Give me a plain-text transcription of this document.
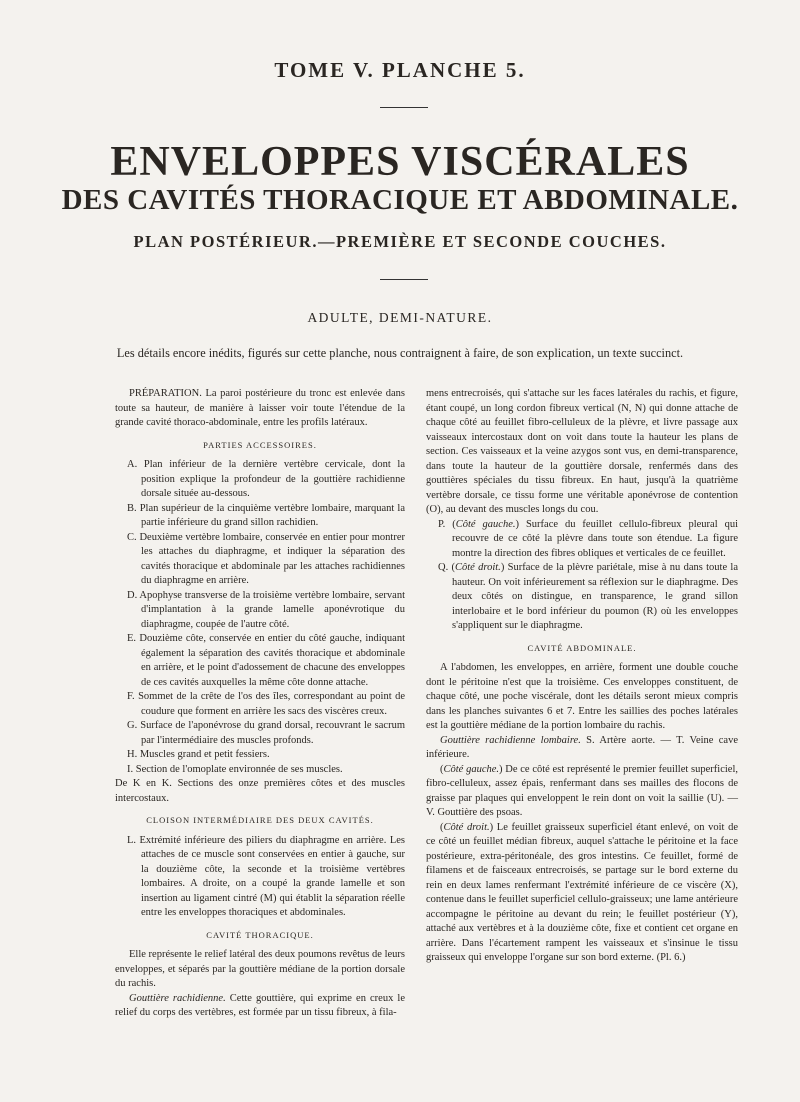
TOME V. PLANCHE 5.
ENVELOPPES VISCÉRALES
DES CAVITÉS THORACIQUE ET ABDOMINALE.
PLAN POSTÉRIEUR.—PREMIÈRE ET SECONDE COUCHES.
ADULTE, DEMI-NATURE.
Les détails encore inédits, figurés sur cette planche, nous contraignent à faire, de son explication, un texte succinct.

PRÉPARATION. La paroi postérieure du tronc est enlevée dans toute sa hauteur, de manière à laisser voir toute l'étendue de la grande cavité thoraco-abdominale, entre les profils latéraux.

PARTIES ACCESSOIRES.

A. Plan inférieur de la dernière vertèbre cervicale, dont la position explique la profondeur de la gouttière rachidienne dorsale située au-dessous.

B. Plan supérieur de la cinquième vertèbre lombaire, marquant la partie inférieure du grand sillon rachidien.

C. Deuxième vertèbre lombaire, conservée en entier pour montrer les attaches du diaphragme, et indiquer la séparation des cavités thoracique et abdominale par les attaches rachidiennes du diaphragme en arrière.

D. Apophyse transverse de la troisième vertèbre lombaire, servant d'implantation à la grande lamelle aponévrotique du diaphragme, coupée de l'autre côté.

E. Douzième côte, conservée en entier du côté gauche, indiquant également la séparation des cavités thoracique et abdominale en arrière, et le point d'adossement de chacune des enveloppes de ces cavités auxquelles la même côte donne attache.

F. Sommet de la crête de l'os des îles, correspondant au point de coudure que forment en arrière les sacs des viscères creux.

G. Surface de l'aponévrose du grand dorsal, recouvrant le sacrum par l'intermédiaire des muscles profonds.

H. Muscles grand et petit fessiers.

I. Section de l'omoplate environnée de ses muscles.

De K en K. Sections des onze premières côtes et des muscles intercostaux.

CLOISON INTERMÉDIAIRE DES DEUX CAVITÉS.

L. Extrémité inférieure des piliers du diaphragme en arrière. Les attaches de ce muscle sont conservées en entier à gauche, sur la douzième côte, la seconde et la troisième vertèbres lombaires. A droite, on a coupé la grande lamelle et son insertion au ligament cintré (M) qui établit la séparation réelle entre les enveloppes thoraciques et abdominales.

CAVITÉ THORACIQUE.

Elle représente le relief latéral des deux poumons revêtus de leurs enveloppes, et séparés par la gouttière médiane de la portion dorsale du rachis.

Gouttière rachidienne. Cette gouttière, qui exprime en creux le relief du corps des vertèbres, est formée par un tissu fibreux, à fila-

mens entrecroisés, qui s'attache sur les faces latérales du rachis, et figure, étant coupé, un long cordon fibreux vertical (N, N) qui donne attache de chaque côté au feuillet fibro-celluleux de la plèvre, et livre passage aux vaisseaux intercostaux dont on voit dans toute la hauteur les plans de section. Ces vaisseaux et la veine azygos sont vus, en demi-transparence, dans toute la hauteur de la gouttière dorsale, renfermés dans des gouttières spéciales du tissu fibreux. En haut, jusqu'à la quatrième vertèbre dorsale, ce tissu forme une véritable aponévrose de contention (O), au devant des muscles longs du cou.

P. (Côté gauche.) Surface du feuillet cellulo-fibreux pleural qui recouvre de ce côté la plèvre dans toute son étendue. La figure montre la direction des fibres obliques et verticales de ce feuillet.

Q. (Côté droit.) Surface de la plèvre pariétale, mise à nu dans toute la hauteur. On voit inférieurement sa réflexion sur le diaphragme. Des deux côtés on distingue, en transparence, le grand sillon interlobaire et le bord inférieur du poumon (R) où les enveloppes s'appliquent sur le diaphragme.

CAVITÉ ABDOMINALE.

A l'abdomen, les enveloppes, en arrière, forment une double couche dont le péritoine n'est que la troisième. Ces enveloppes constituent, de chaque côté, une poche viscérale, dont les détails seront mieux compris dans les planches suivantes 6 et 7. Entre les saillies des poches latérales est la gouttière médiane de la portion lombaire du rachis.

Gouttière rachidienne lombaire. S. Artère aorte. — T. Veine cave inférieure.

(Côté gauche.) De ce côté est représenté le premier feuillet superficiel, fibro-celluleux, assez épais, renfermant dans ses mailles des flocons de graisse par plaques qui enveloppent le rein dont on voit la saillie (U). — V. Gouttière des psoas.

(Côté droit.) Le feuillet graisseux superficiel étant enlevé, on voit de ce côté un feuillet médian fibreux, auquel s'attache le péritoine et la face postérieure, extra-péritonéale, des gros intestins. Ce feuillet, formé de filamens et de faisceaux entrecroisés, se partage sur le bord externe du rein en deux lames renfermant l'extrémité inférieure de ce viscère (X), contenue dans le feuillet superficiel cellulo-graisseux; une lame antérieure accompagne le péritoine au devant du rein; le feuillet postérieur (Y), attaché aux vertèbres et à la douzième côte, fixe et contient cet organe en arrière. Dans l'écartement rampent les vaisseaux et s'insinue le tissu graisseux qui enveloppe l'organe sur son bord externe. (Pl. 6.)
